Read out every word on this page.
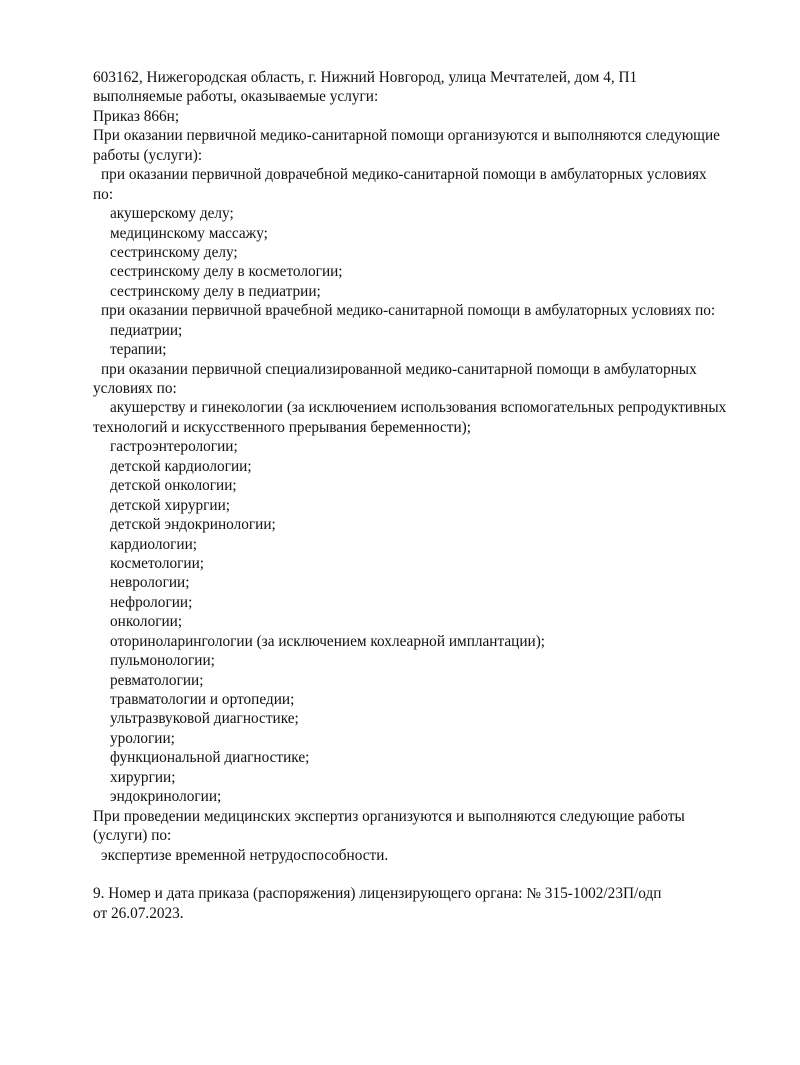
603162, Нижегородская область, г. Нижний Новгород, улица Мечтателей, дом 4, П1
выполняемые работы, оказываемые услуги:
Приказ 866н;
При оказании первичной медико-санитарной помощи организуются и выполняются следующие
работы (услуги):
при оказании первичной доврачебной медико-санитарной помощи в амбулаторных условиях
по:
акушерскому делу;
медицинскому массажу;
сестринскому делу;
сестринскому делу в косметологии;
сестринскому делу в педиатрии;
при оказании первичной врачебной медико-санитарной помощи в амбулаторных условиях по:
педиатрии;
терапии;
при оказании первичной специализированной медико-санитарной помощи в амбулаторных
условиях по:
акушерству и гинекологии (за исключением использования вспомогательных репродуктивных
технологий и искусственного прерывания беременности);
гастроэнтерологии;
детской кардиологии;
детской онкологии;
детской хирургии;
детской эндокринологии;
кардиологии;
косметологии;
неврологии;
нефрологии;
онкологии;
оториноларингологии (за исключением кохлеарной имплантации);
пульмонологии;
ревматологии;
травматологии и ортопедии;
ультразвуковой диагностике;
урологии;
функциональной диагностике;
хирургии;
эндокринологии;
При проведении медицинских экспертиз организуются и выполняются следующие работы
(услуги) по:
экспертизе временной нетрудоспособности.
9. Номер и дата приказа (распоряжения) лицензирующего органа: № 315-1002/23П/одп
от 26.07.2023.
